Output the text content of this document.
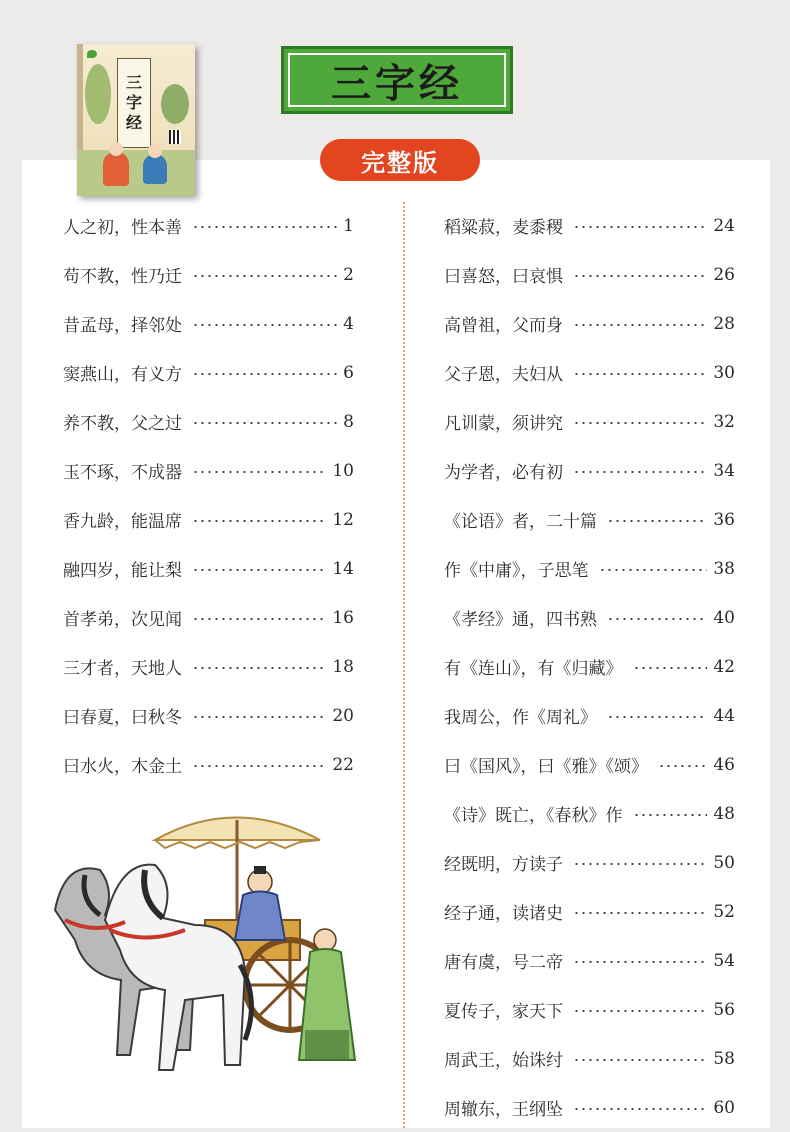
三
字
经
三字经
完整版
人之初，性本善	1
苟不教，性乃迁	2
昔孟母，择邻处	4
窦燕山，有义方	6
养不教，父之过	8
玉不琢，不成器	10
香九龄，能温席	12
融四岁，能让梨	14
首孝弟，次见闻	16
三才者，天地人	18
曰春夏，曰秋冬	20
曰水火，木金土	22
稻粱菽，麦黍稷	24
曰喜怒，曰哀惧	26
高曾祖，父而身	28
父子恩，夫妇从	30
凡训蒙，须讲究	32
为学者，必有初	34
《论语》者，二十篇	36
作《中庸》，子思笔	38
《孝经》通，四书熟	40
有《连山》，有《归藏》	42
我周公，作《周礼》	44
曰《国风》，曰《雅》《颂》	46
《诗》既亡，《春秋》作	48
经既明，方读子	50
经子通，读诸史	52
唐有虞，号二帝	54
夏传子，家天下	56
周武王，始诛纣	58
周辙东，王纲坠	60
